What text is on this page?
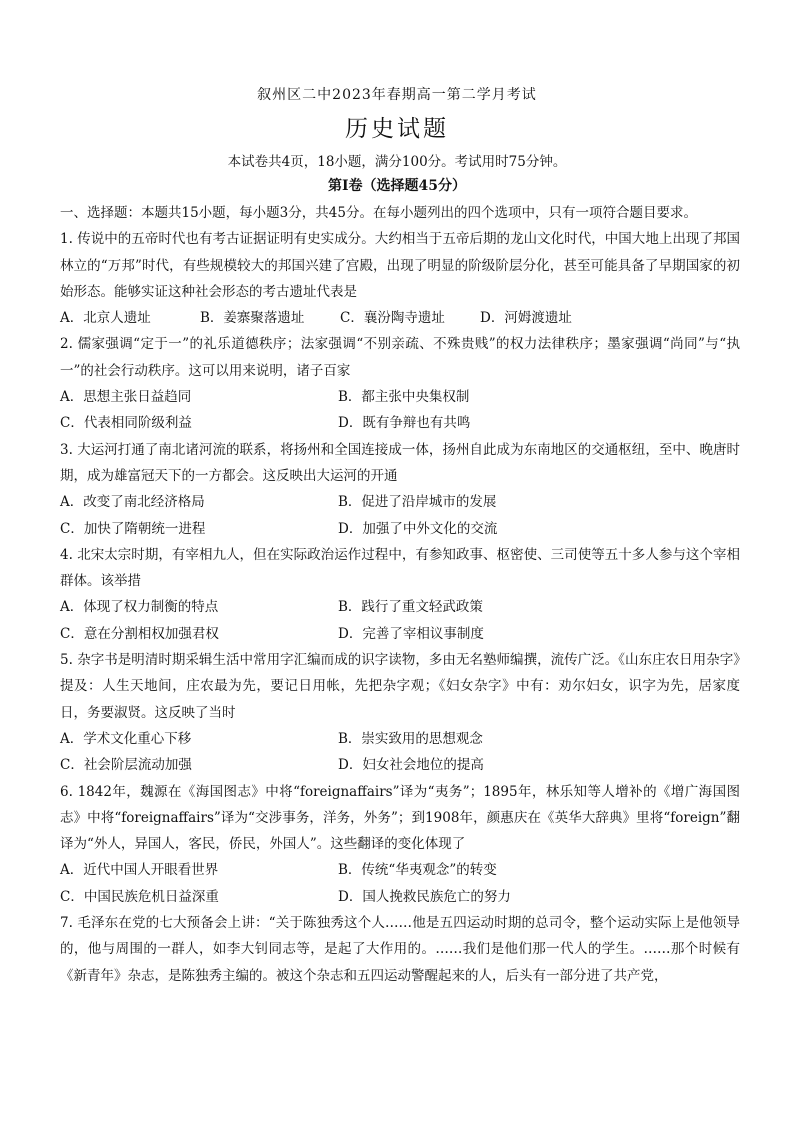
叙州区二中2023年春期高一第二学月考试
历史试题
本试卷共4页，18小题，满分100分。考试用时75分钟。
第Ⅰ卷（选择题45分）

一、选择题：本题共15小题，每小题3分，共45分。在每小题列出的四个选项中，只有一项符合题目要求。

1. 传说中的五帝时代也有考古证据证明有史实成分。大约相当于五帝后期的龙山文化时代，中国大地上出现了邦国林立的“万邦”时代，有些规模较大的邦国兴建了宫殿，出现了明显的阶级阶层分化，甚至可能具备了早期国家的初始形态。能够实证这种社会形态的考古遗址代表是

A．北京人遗址	B．姜寨聚落遗址	C．襄汾陶寺遗址	D．河姆渡遗址

2. 儒家强调“定于一”的礼乐道德秩序；法家强调“不别亲疏、不殊贵贱”的权力法律秩序；墨家强调“尚同”与“执一”的社会行动秩序。这可以用来说明，诸子百家

A．思想主张日益趋同	B．都主张中央集权制
C．代表相同阶级利益	D．既有争辩也有共鸣

3. 大运河打通了南北诸河流的联系，将扬州和全国连接成一体，扬州自此成为东南地区的交通枢纽，至中、晚唐时期，成为雄富冠天下的一方都会。这反映出大运河的开通

A．改变了南北经济格局	B．促进了沿岸城市的发展
C．加快了隋朝统一进程	D．加强了中外文化的交流

4. 北宋太宗时期，有宰相九人，但在实际政治运作过程中，有参知政事、枢密使、三司使等五十多人参与这个宰相群体。该举措

A．体现了权力制衡的特点	B．践行了重文轻武政策
C．意在分割相权加强君权	D．完善了宰相议事制度

5. 杂字书是明清时期采辑生活中常用字汇编而成的识字读物，多由无名塾师编撰，流传广泛。《山东庄农日用杂字》提及：人生天地间，庄农最为先，要记日用帐，先把杂字观；《妇女杂字》中有：劝尔妇女，识字为先，居家度日，务要淑贤。这反映了当时

A．学术文化重心下移	B．崇实致用的思想观念
C．社会阶层流动加强	D．妇女社会地位的提高

6. 1842年，魏源在《海国图志》中将“foreignaffairs”译为“夷务”；1895年，林乐知等人增补的《增广海国图志》中将“foreignaffairs”译为“交涉事务，洋务，外务”；到1908年，颜惠庆在《英华大辞典》里将“foreign”翻译为“外人，异国人，客民，侨民，外国人”。这些翻译的变化体现了

A．近代中国人开眼看世界	B．传统“华夷观念”的转变
C．中国民族危机日益深重	D．国人挽救民族危亡的努力

7. 毛泽东在党的七大预备会上讲：“关于陈独秀这个人……他是五四运动时期的总司令，整个运动实际上是他领导的，他与周围的一群人，如李大钊同志等，是起了大作用的。……我们是他们那一代人的学生。……那个时候有《新青年》杂志，是陈独秀主编的。被这个杂志和五四运动警醒起来的人，后头有一部分进了共产党，
